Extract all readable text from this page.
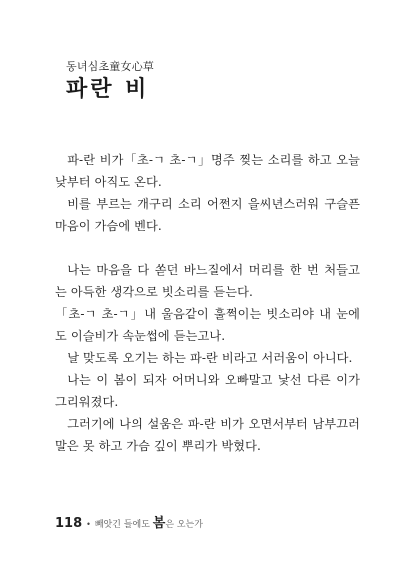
동녀심초童女心草

파란 비

파-란 비가「초-ㄱ 초-ㄱ」명주 찢는 소리를 하고 오늘 낮부터 아직도 온다.

비를 부르는 개구리 소리 어쩐지 을씨년스러워 구슬픈 마음이 가슴에 벤다.

나는 마음을 다 쏟던 바느질에서 머리를 한 번 처들고는 아득한 생각으로 빗소리를 듣는다.

「초-ㄱ 초-ㄱ」내 울음같이 훌쩍이는 빗소리야 내 눈에도 이슬비가 속눈썹에 듣는고나.

날 맞도록 오기는 하는 파-란 비라고 서러움이 아니다.

나는 이 봄이 되자 어머니와 오빠말고 낯선 다른 이가 그리워졌다.

그러기에 나의 설움은 파-란 비가 오면서부터 남부끄러 말은 못 하고 가슴 깊이 뿌리가 박혔다.

118 • 빼앗긴 들에도 봄은 오는가
